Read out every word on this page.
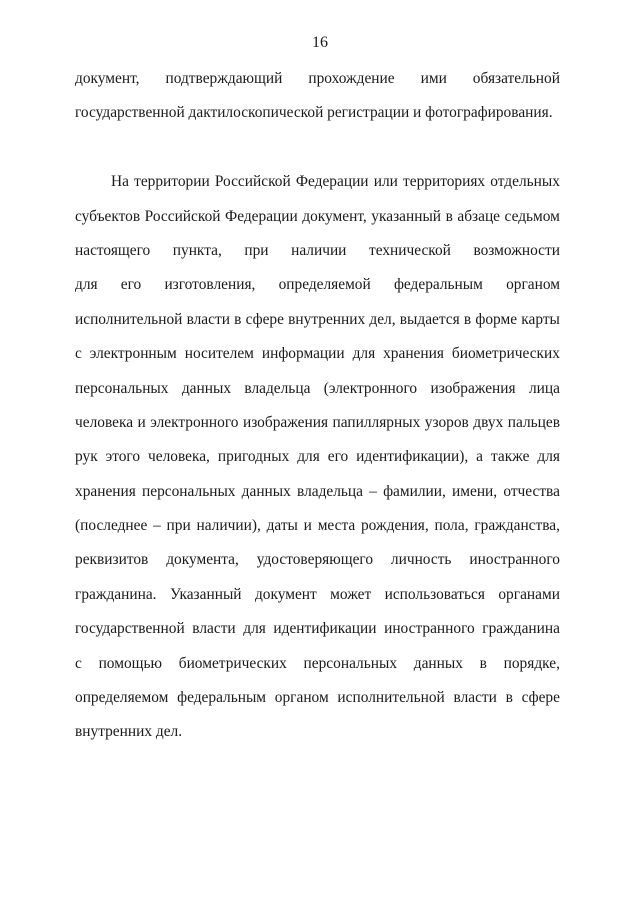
16
документ, подтверждающий прохождение ими обязательной
государственной дактилоскопической регистрации и фотографирования.
На территории Российской Федерации или территориях отдельных
субъектов Российской Федерации документ, указанный в абзаце седьмом
настоящего пункта, при наличии технической возможности
для его изготовления, определяемой федеральным органом
исполнительной власти в сфере внутренних дел, выдается в форме карты
с электронным носителем информации для хранения биометрических
персональных данных владельца (электронного изображения лица
человека и электронного изображения папиллярных узоров двух пальцев
рук этого человека, пригодных для его идентификации), а также для
хранения персональных данных владельца – фамилии, имени, отчества
(последнее – при наличии), даты и места рождения, пола, гражданства,
реквизитов документа, удостоверяющего личность иностранного
гражданина. Указанный документ может использоваться органами
государственной власти для идентификации иностранного гражданина
с помощью биометрических персональных данных в порядке,
определяемом федеральным органом исполнительной власти в сфере
внутренних дел.
